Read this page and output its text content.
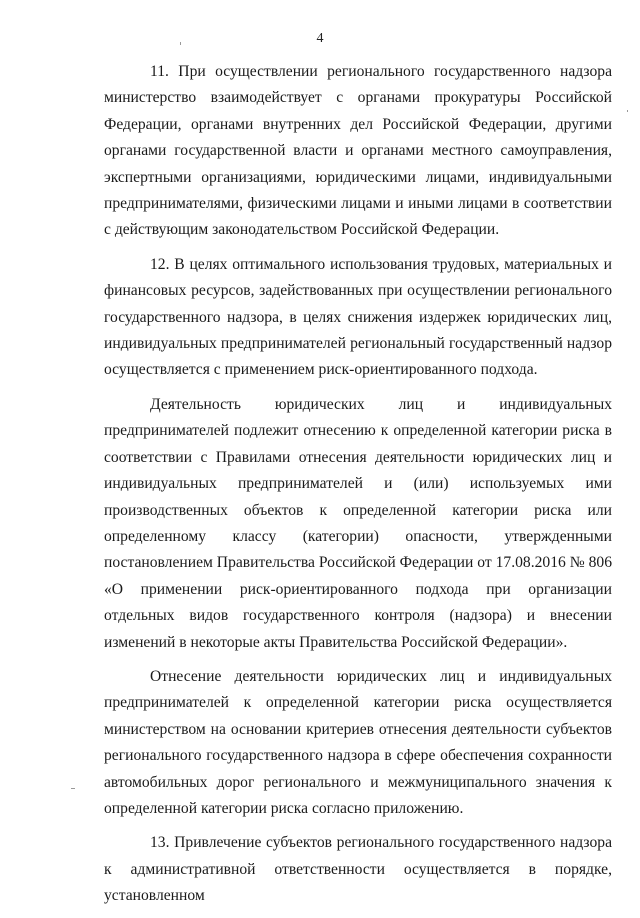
4

11. При осуществлении регионального государственного надзора министерство взаимодействует с органами прокуратуры Российской Федерации, органами внутренних дел Российской Федерации, другими органами государственной власти и органами местного самоуправления, экспертными организациями, юридическими лицами, индивидуальными предпринимателями, физическими лицами и иными лицами в соответствии с действующим законодательством Российской Федерации.

12. В целях оптимального использования трудовых, материальных и финансовых ресурсов, задействованных при осуществлении регионального государственного надзора, в целях снижения издержек юридических лиц, индивидуальных предпринимателей региональный государственный надзор осуществляется с применением риск-ориентированного подхода.

Деятельность юридических лиц и индивидуальных предпринимателей подлежит отнесению к определенной категории риска в соответствии с Правилами отнесения деятельности юридических лиц и индивидуальных предпринимателей и (или) используемых ими производственных объектов к определенной категории риска или определенному классу (категории) опасности, утвержденными постановлением Правительства Российской Федерации от 17.08.2016 № 806 «О применении риск-ориентированного подхода при организации отдельных видов государственного контроля (надзора) и внесении изменений в некоторые акты Правительства Российской Федерации».

Отнесение деятельности юридических лиц и индивидуальных предпринимателей к определенной категории риска осуществляется министерством на основании критериев отнесения деятельности субъектов регионального государственного надзора в сфере обеспечения сохранности автомобильных дорог регионального и межмуниципального значения к определенной категории риска согласно приложению.

13. Привлечение субъектов регионального государственного надзора к административной ответственности осуществляется в порядке, установленном
